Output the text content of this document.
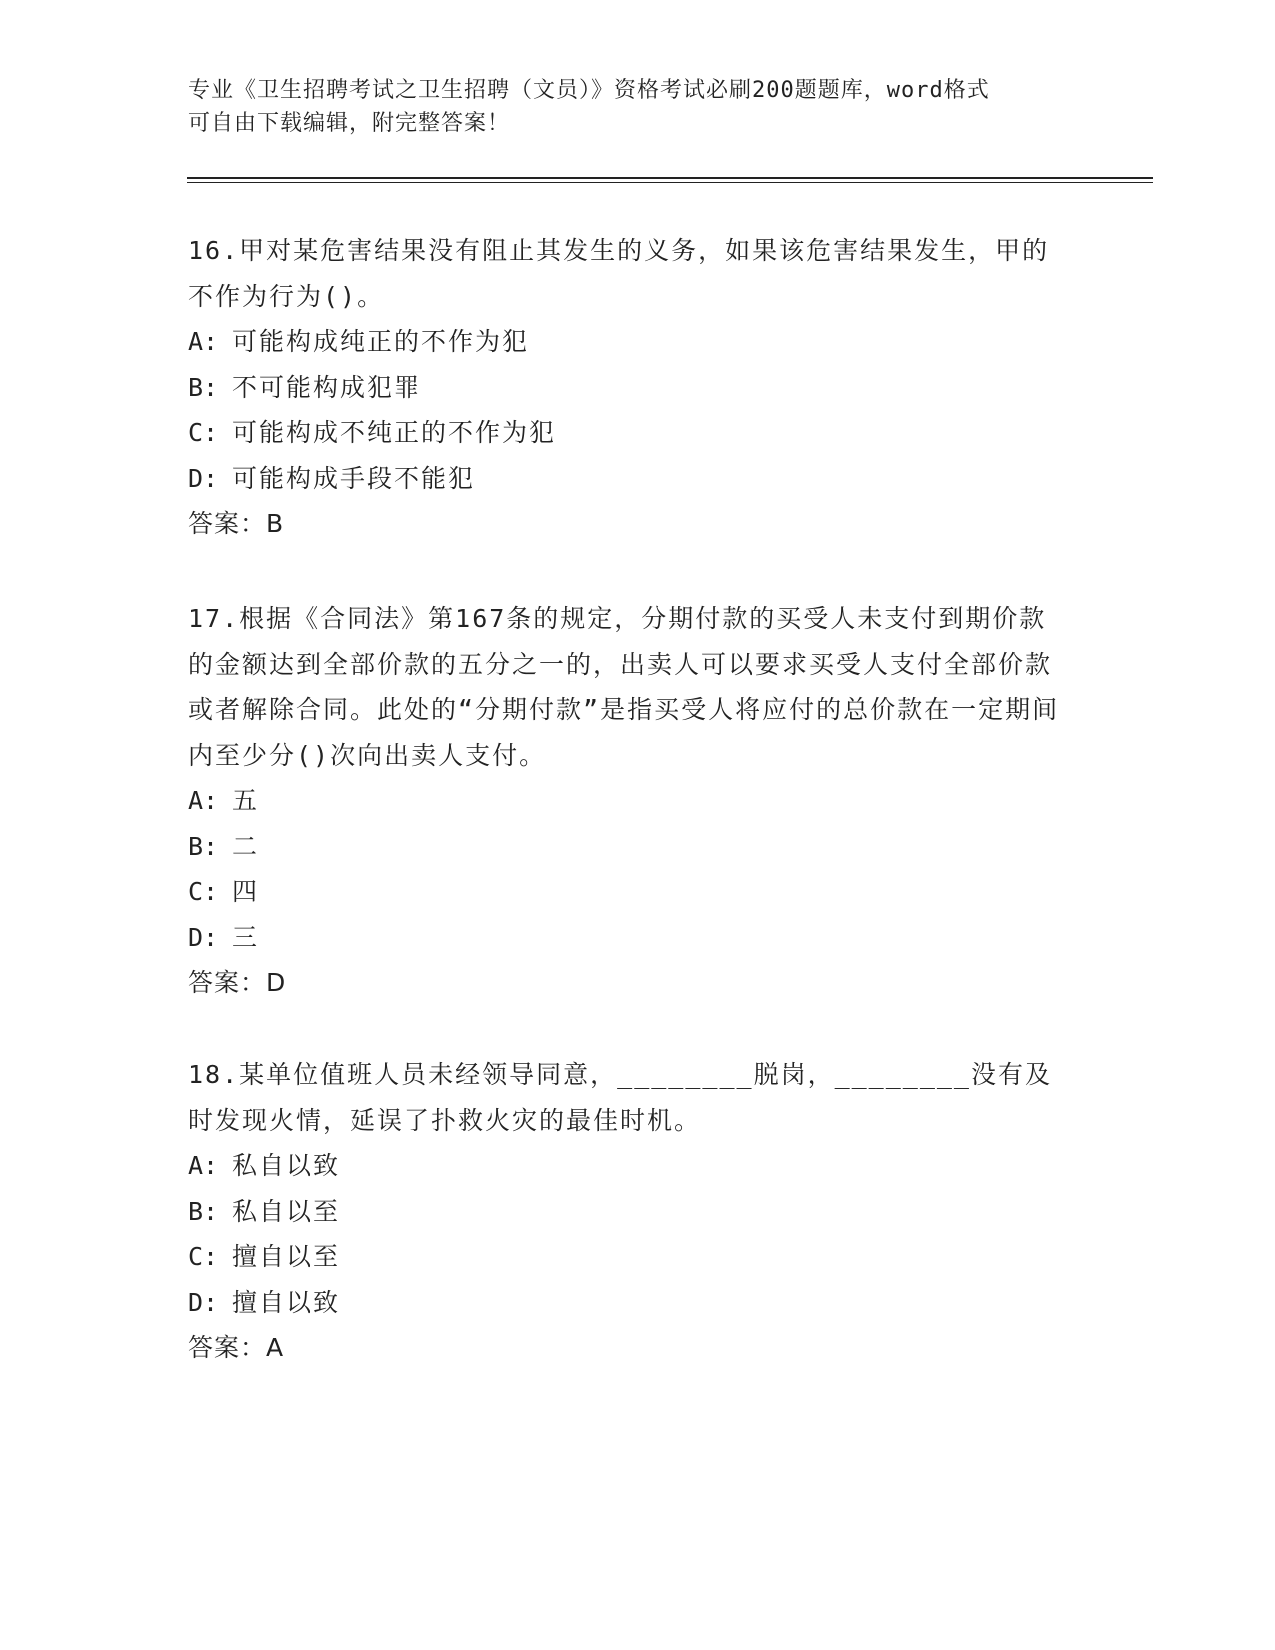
专业《卫生招聘考试之卫生招聘（文员）》资格考试必刷200题题库，word格式
可自由下载编辑，附完整答案！

16.甲对某危害结果没有阻止其发生的义务，如果该危害结果发生，甲的不作为行为()。

A: 可能构成纯正的不作为犯

B: 不可能构成犯罪

C: 可能构成不纯正的不作为犯

D: 可能构成手段不能犯

答案：B

17.根据《合同法》第167条的规定，分期付款的买受人未支付到期价款的金额达到全部价款的五分之一的，出卖人可以要求买受人支付全部价款或者解除合同。此处的“分期付款”是指买受人将应付的总价款在一定期间内至少分()次向出卖人支付。

A: 五

B: 二

C: 四

D: 三

答案：D

18.某单位值班人员未经领导同意，________脱岗，________没有及时发现火情，延误了扑救火灾的最佳时机。

A: 私自以致

B: 私自以至

C: 擅自以至

D: 擅自以致

答案：A
